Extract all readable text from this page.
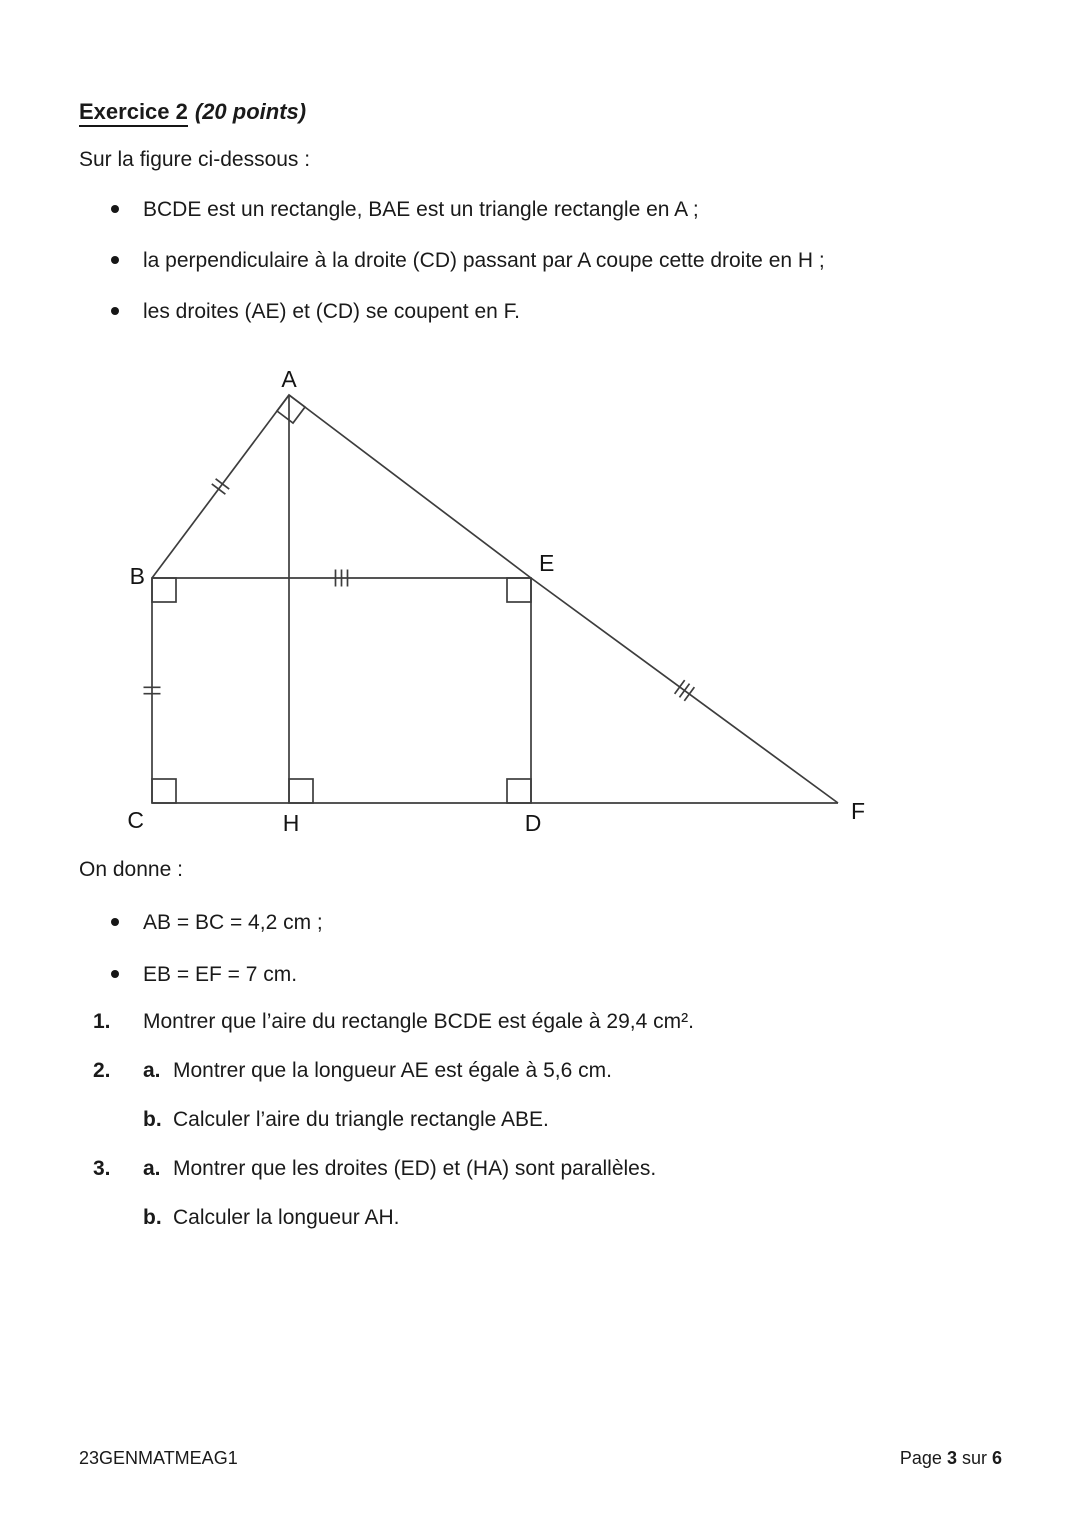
Exercice 2 (20 points)
Sur la figure ci-dessous :
BCDE est un rectangle, BAE est un triangle rectangle en A ;
la perpendiculaire à la droite (CD) passant par A coupe cette droite en H ;
les droites (AE) et (CD) se coupent en F.
A
B	E
C	H	D	F
On donne :
AB = BC = 4,2 cm ;
EB = EF = 7 cm.
1. Montrer que l’aire du rectangle BCDE est égale à 29,4 cm².
2. a. Montrer que la longueur AE est égale à 5,6 cm.
b. Calculer l’aire du triangle rectangle ABE.
3. a. Montrer que les droites (ED) et (HA) sont parallèles.
b. Calculer la longueur AH.
23GENMATMEAG1	Page 3 sur 6
